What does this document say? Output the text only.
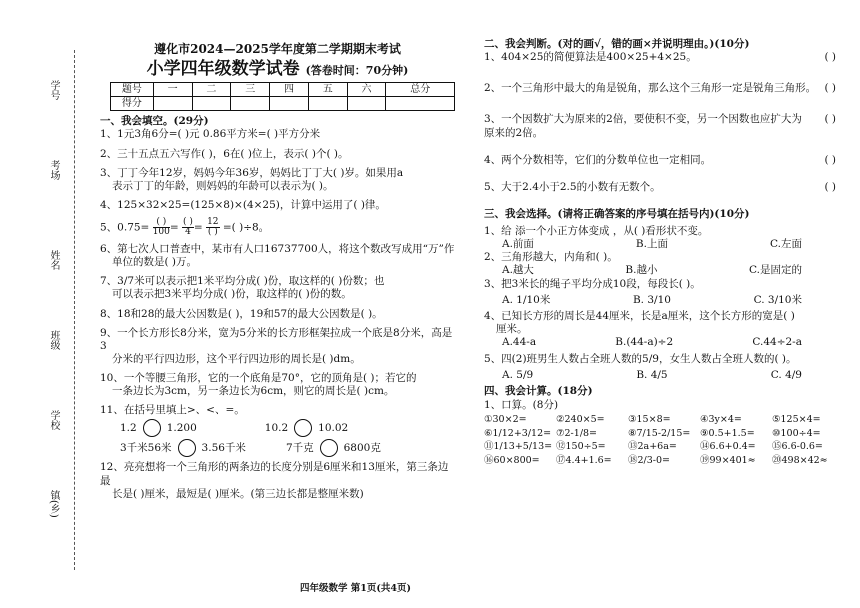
学号
考场
姓名
班级
学校
镇(乡)
遵化市2024—2025学年度第二学期期末考试
小学四年级数学试卷 (答卷时间：70分钟)
题号	一	二	三	四	五	六	总分
得分							
一、我会填空。(29分)

1、1元3角6分=( )元 0.86平方米=( )平方分米

2、三十五点五六写作( )，6在( )位上，表示( )个( )。

3、丁丁今年12岁，妈妈今年36岁，妈妈比丁丁大( )岁。如果用a

表示丁丁的年龄，则妈妈的年龄可以表示为( )。

4、125×32×25=(125×8)×(4×25)，计算中运用了( )律。

5、$0.75= \frac{( )}{100} = \frac{( )}{4} = \frac{12}{( )}$ =( )÷8。

6、第七次人口普查中，某市有人口16737700人，将这个数改写成用“万”作

单位的数是( )万。

7、3/7米可以表示把1米平均分成( )份，取这样的( )份数；也

可以表示把3米平均分成( )份，取这样的( )份的数。

8、18和28的最大公因数是( )，19和57的最大公因数是( )。

9、一个长方形长8分米，宽为5分米的长方形框架拉成一个底是8分米，高是3

分米的平行四边形，这个平行四边形的周长是( )dm。

10、一个等腰三角形，它的一个底角是70°，它的顶角是( )；若它的

一条边长为3cm，另一条边长为6cm，则它的周长是( )cm。

11、在括号里填上>、<、=。

1.2	1.200	10.2	10.02
3千米56米	3.56千米	7千克	6800克

12、亮亮想将一个三角形的两条边的长度分别是6厘米和13厘米，第三条边最

长是( )厘米，最短是( )厘米。(第三边长都是整厘米数)

二、我会判断。(对的画√，错的画×并说明理由。)(10分)

1、404×25的简便算法是400×25+4×25。	( )

2、一个三角形中最大的角是锐角，那么这个三角形一定是锐角三角形。 ( )

3、一个因数扩大为原来的2倍，要使积不变，另一个因数也应扩大为原来的2倍。
( )

4、两个分数相等，它们的分数单位也一定相同。	( )

5、大于2.4小于2.5的小数有无数个。	( )

三、我会选择。(请将正确答案的序号填在括号内)(10分)

1、给 添一个小正方体变成 ，从( )看形状不变。

A.前面	B.上面	C.左面

2、三角形越大，内角和( )。

A.越大	B.越小	C.是固定的

3、把3米长的绳子平均分成10段，每段长( )。

A. 1/10米	B. 3/10	C. 3/10米

4、已知长方形的周长是44厘米，长是a厘米，这个长方形的宽是( )

厘米。

A.44-a	B.(44-a)÷2	C.44÷2-a

5、四(2)班男生人数占全班人数的5/9，女生人数占全班人数的( )。

A. 5/9	B. 4/5	C. 4/9
四、我会计算。(18分)

1、口算。(8分)

①30×2=	②240×5=	③15×8=	④3y×4=	⑤125×4=
⑥1/12+3/12= ⑦2-1/8=	⑧7/15-2/15=	⑨0.5+1.5=	⑩100÷4=
⑪1/13+5/13= ⑫150÷5=	⑬2a+6a=	⑭6.6+0.4=	⑮6.6-0.6=
⑯60×800=	⑰4.4+1.6=	⑱2/3-0=	⑲99×401≈	⑳498×42≈
四年级数学 第1页(共4页)
